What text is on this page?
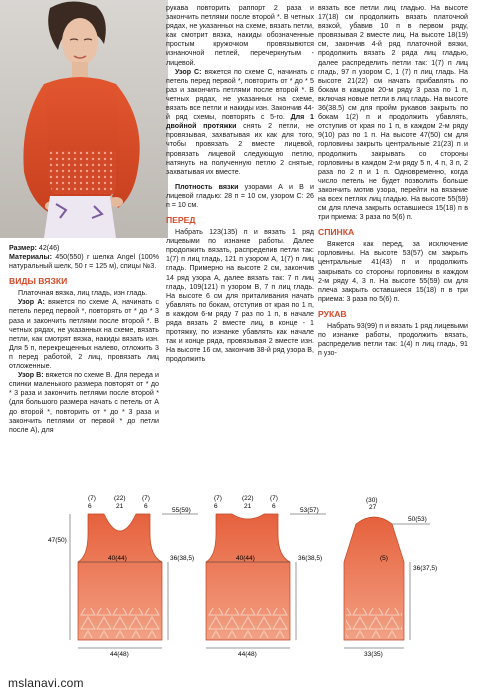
Размер: 42(46)

Материалы: 450(550) г шелка Angel (100% натуральный шелк, 50 г = 125 м), спицы №3.

ВИДЫ ВЯЗКИ

Платочная вязка, лиц гладь, изн гладь.

Узор А: вяжется по схеме А, начинать с петель перед первой *, повторять от * до * 3 раза и закончить петлями после второй *. В четных рядах, не указанных на схеме, вязать петли, как смотрят вязка, накиды вязать изн. Для 5 п, перекрещенных налево, отложить 3 п перед работой, 2 лиц, провязать лиц отложенные.

Узор В: вяжется по схеме В. Для переда и спинки маленького размера повторят от * до * 3 раза и закончить петлями после второй * (для большого размера начать с петель от А до второй *, повторить от * до * 3 раза и закончить петлями от первой * до петли после А), для

рукава повторить раппорт 2 раза и закончить петлями после второй *. В четных рядах, не указанных на схеме, вязать петли, как смотрит вязка, накиды обозначенные простым кружочком провязывются изнаночной петлей, перечеркнутым - лицевой.

Узор С: вяжется по схеме С, начинать с петель перед первой *, повторить от * до * 5 раз и закончить петлями после второй *. В четных рядах, не указанных на схеме, вязать все петли и накиды изн. Закончив 44-й ряд схемы, повторять с 5-го. Для 1 двойной протяжки снять 2 петли, не провязывая, захватывая их как для того, чтобы провязать 2 вместе лицевой, провязать лицевой следующую петлю, натянуть на полученную петлю 2 снятые, захватывая их вместе.

Плотность вязки узорами А и В и лицевой гладью: 28 п = 10 см, узором С: 26 п = 10 см.

ПЕРЕД

Набрать 123(135) п и вязать 1 ряд лицевыми по изнанке работы. Далее продолжить вязать, распределив петли так: 1(7) п лиц гладь, 121 п узором А, 1(7) п лиц гладь. Примерно на высоте 2 см, закончив 14 ряд узора А, далее вязать так: 7 п лиц гладь, 109(121) п узором В, 7 п лиц гладь. На высоте 6 см для приталивания начать убавлять по бокам, отступив от края по 1 п, в каждом 6-м ряду 7 раз по 1 п, в начале ряда вязать 2 вместе лиц, в конце - 1 протяжку, по изнанке убавлять как начале так и конце ряда, провязывая 2 вместе изн. На высоте 16 см, закончив 38-й ряд узора В, продолжить

вязать все петли лиц гладью. На высоте 17(18) см продолжить вязать платочной вязкой, убавив 10 п в первом ряду, провязывая 2 вместе лиц. На высоте 18(19) см, закончив 4-й ряд платочной вязки, продолжить вязать 2 ряда лиц гладью, далее распределить петли так: 1(7) п лиц гладь, 97 п узором С, 1 (7) п лиц гладь. На высоте 21(22) см начать прибавлять по бокам в каждом 20-м ряду 3 раза по 1 п, включая новые петли в лиц гладь. На высоте 36(38.5) см для пройм рукавов закрыть по бокам 1(2) п и продолжить убавлять, отступив от края по 1 п, в каждом 2-м ряду 9(10) раз по 1 п. На высоте 47(50) см для горловины закрыть центральные 21(23) п и продолжить закрывать со стороны горловины в каждом 2-м ряду 5 п, 4 п, 3 п, 2 раза по 2 п и 1 п. Одновременно, когда число петель не будет позволить больше закончить мотив узора, перейти на вязание на всех петлях лиц гладью. На высоте 55(59) см для плеча закрыть оставшиеся 15(18) п в три приема: 3 раза по 5(6) п.

СПИНКА

Вяжется как перед, за исключение горловины. На высоте 53(57) см закрыть центральные 41(43) п и продолжить закрывать со стороны горловины в каждом 2-м ряду 4, 3 п. На высоте 55(59) см для плеча закрыть оставшиеся 15(18) п в три приема: 3 раза по 5(6) п.

РУКАВ

Набрать 93(99) п и вязать 1 ряд лицевыми по изнанке работы, продолжить вязать, распределив петли так: 1(4) п лиц гладь, 91 п узо-

(7)
6
(22)
21
(7)
6
55(59)
47(50)
40(44)	36(38,5)
44(48)
(7)
6
(22)
21
(7)
6
53(57)
40(44)	36(38,5)
44(48)
(30)
27
50(53)
(5)
36(37,5)
33(35)
mslanavi.com
